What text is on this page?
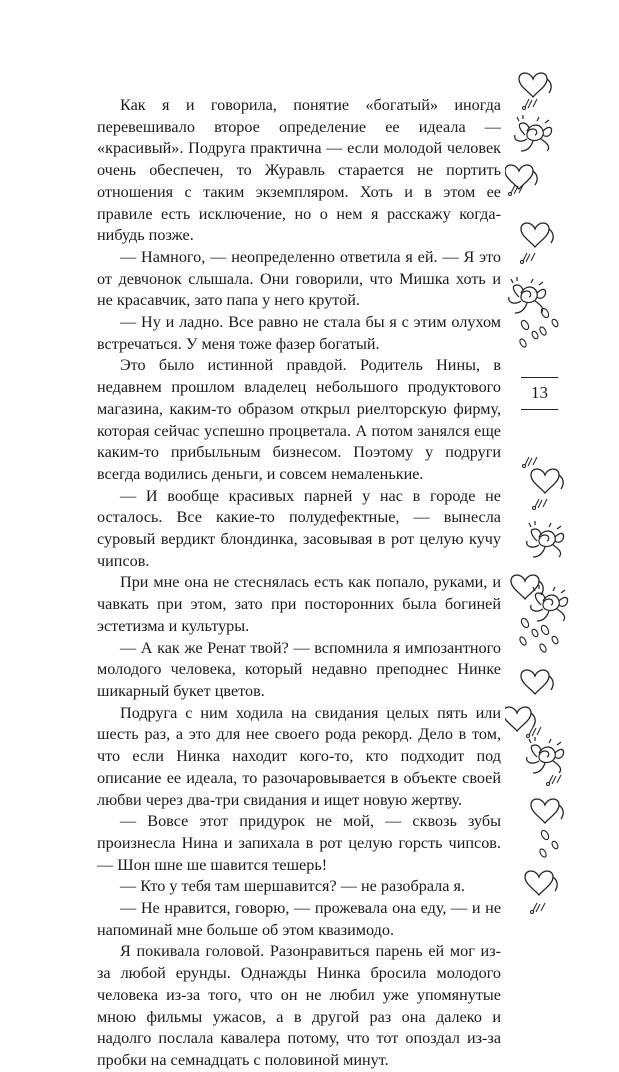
Как я и говорила, понятие «богатый» иногда перевешивало второе определение ее идеала — «красивый». Подруга практична — если молодой человек очень обеспечен, то Журавль старается не портить отношения с таким экземпляром. Хоть и в этом ее правиле есть исключение, но о нем я расскажу когда-нибудь позже.

— Намного, — неопределенно ответила я ей. — Я это от девчонок слышала. Они говорили, что Мишка хоть и не красавчик, зато папа у него крутой.

— Ну и ладно. Все равно не стала бы я с этим олухом встречаться. У меня тоже фазер богатый.

Это было истинной правдой. Родитель Нины, в недавнем прошлом владелец небольшого продуктового магазина, каким-то образом открыл риелторскую фирму, которая сейчас успешно процветала. А потом занялся еще каким-то прибыльным бизнесом. Поэтому у подруги всегда водились деньги, и совсем немаленькие.

— И вообще красивых парней у нас в городе не осталось. Все какие-то полудефектные, — вынесла суровый вердикт блондинка, засовывая в рот целую кучу чипсов.

При мне она не стеснялась есть как попало, руками, и чавкать при этом, зато при посторонних была богиней эстетизма и культуры.

— А как же Ренат твой? — вспомнила я импозантного молодого человека, который недавно преподнес Нинке шикарный букет цветов.

Подруга с ним ходила на свидания целых пять или шесть раз, а это для нее своего рода рекорд. Дело в том, что если Нинка находит кого-то, кто подходит под описание ее идеала, то разочаровывается в объекте своей любви через два-три свидания и ищет новую жертву.

— Вовсе этот придурок не мой, — сквозь зубы произнесла Нина и запихала в рот целую горсть чипсов. — Шон шне ше шавится тешерь!

— Кто у тебя там шершавится? — не разобрала я.

— Не нравится, говорю, — прожевала она еду, — и не напоминай мне больше об этом квазимодо.

Я покивала головой. Разонравиться парень ей мог из-за любой ерунды. Однажды Нинка бросила молодого человека из-за того, что он не любил уже упомянутые мною фильмы ужасов, а в другой раз она далеко и надолго послала кавалера потому, что тот опоздал из-за пробки на семнадцать с половиной минут.

13
